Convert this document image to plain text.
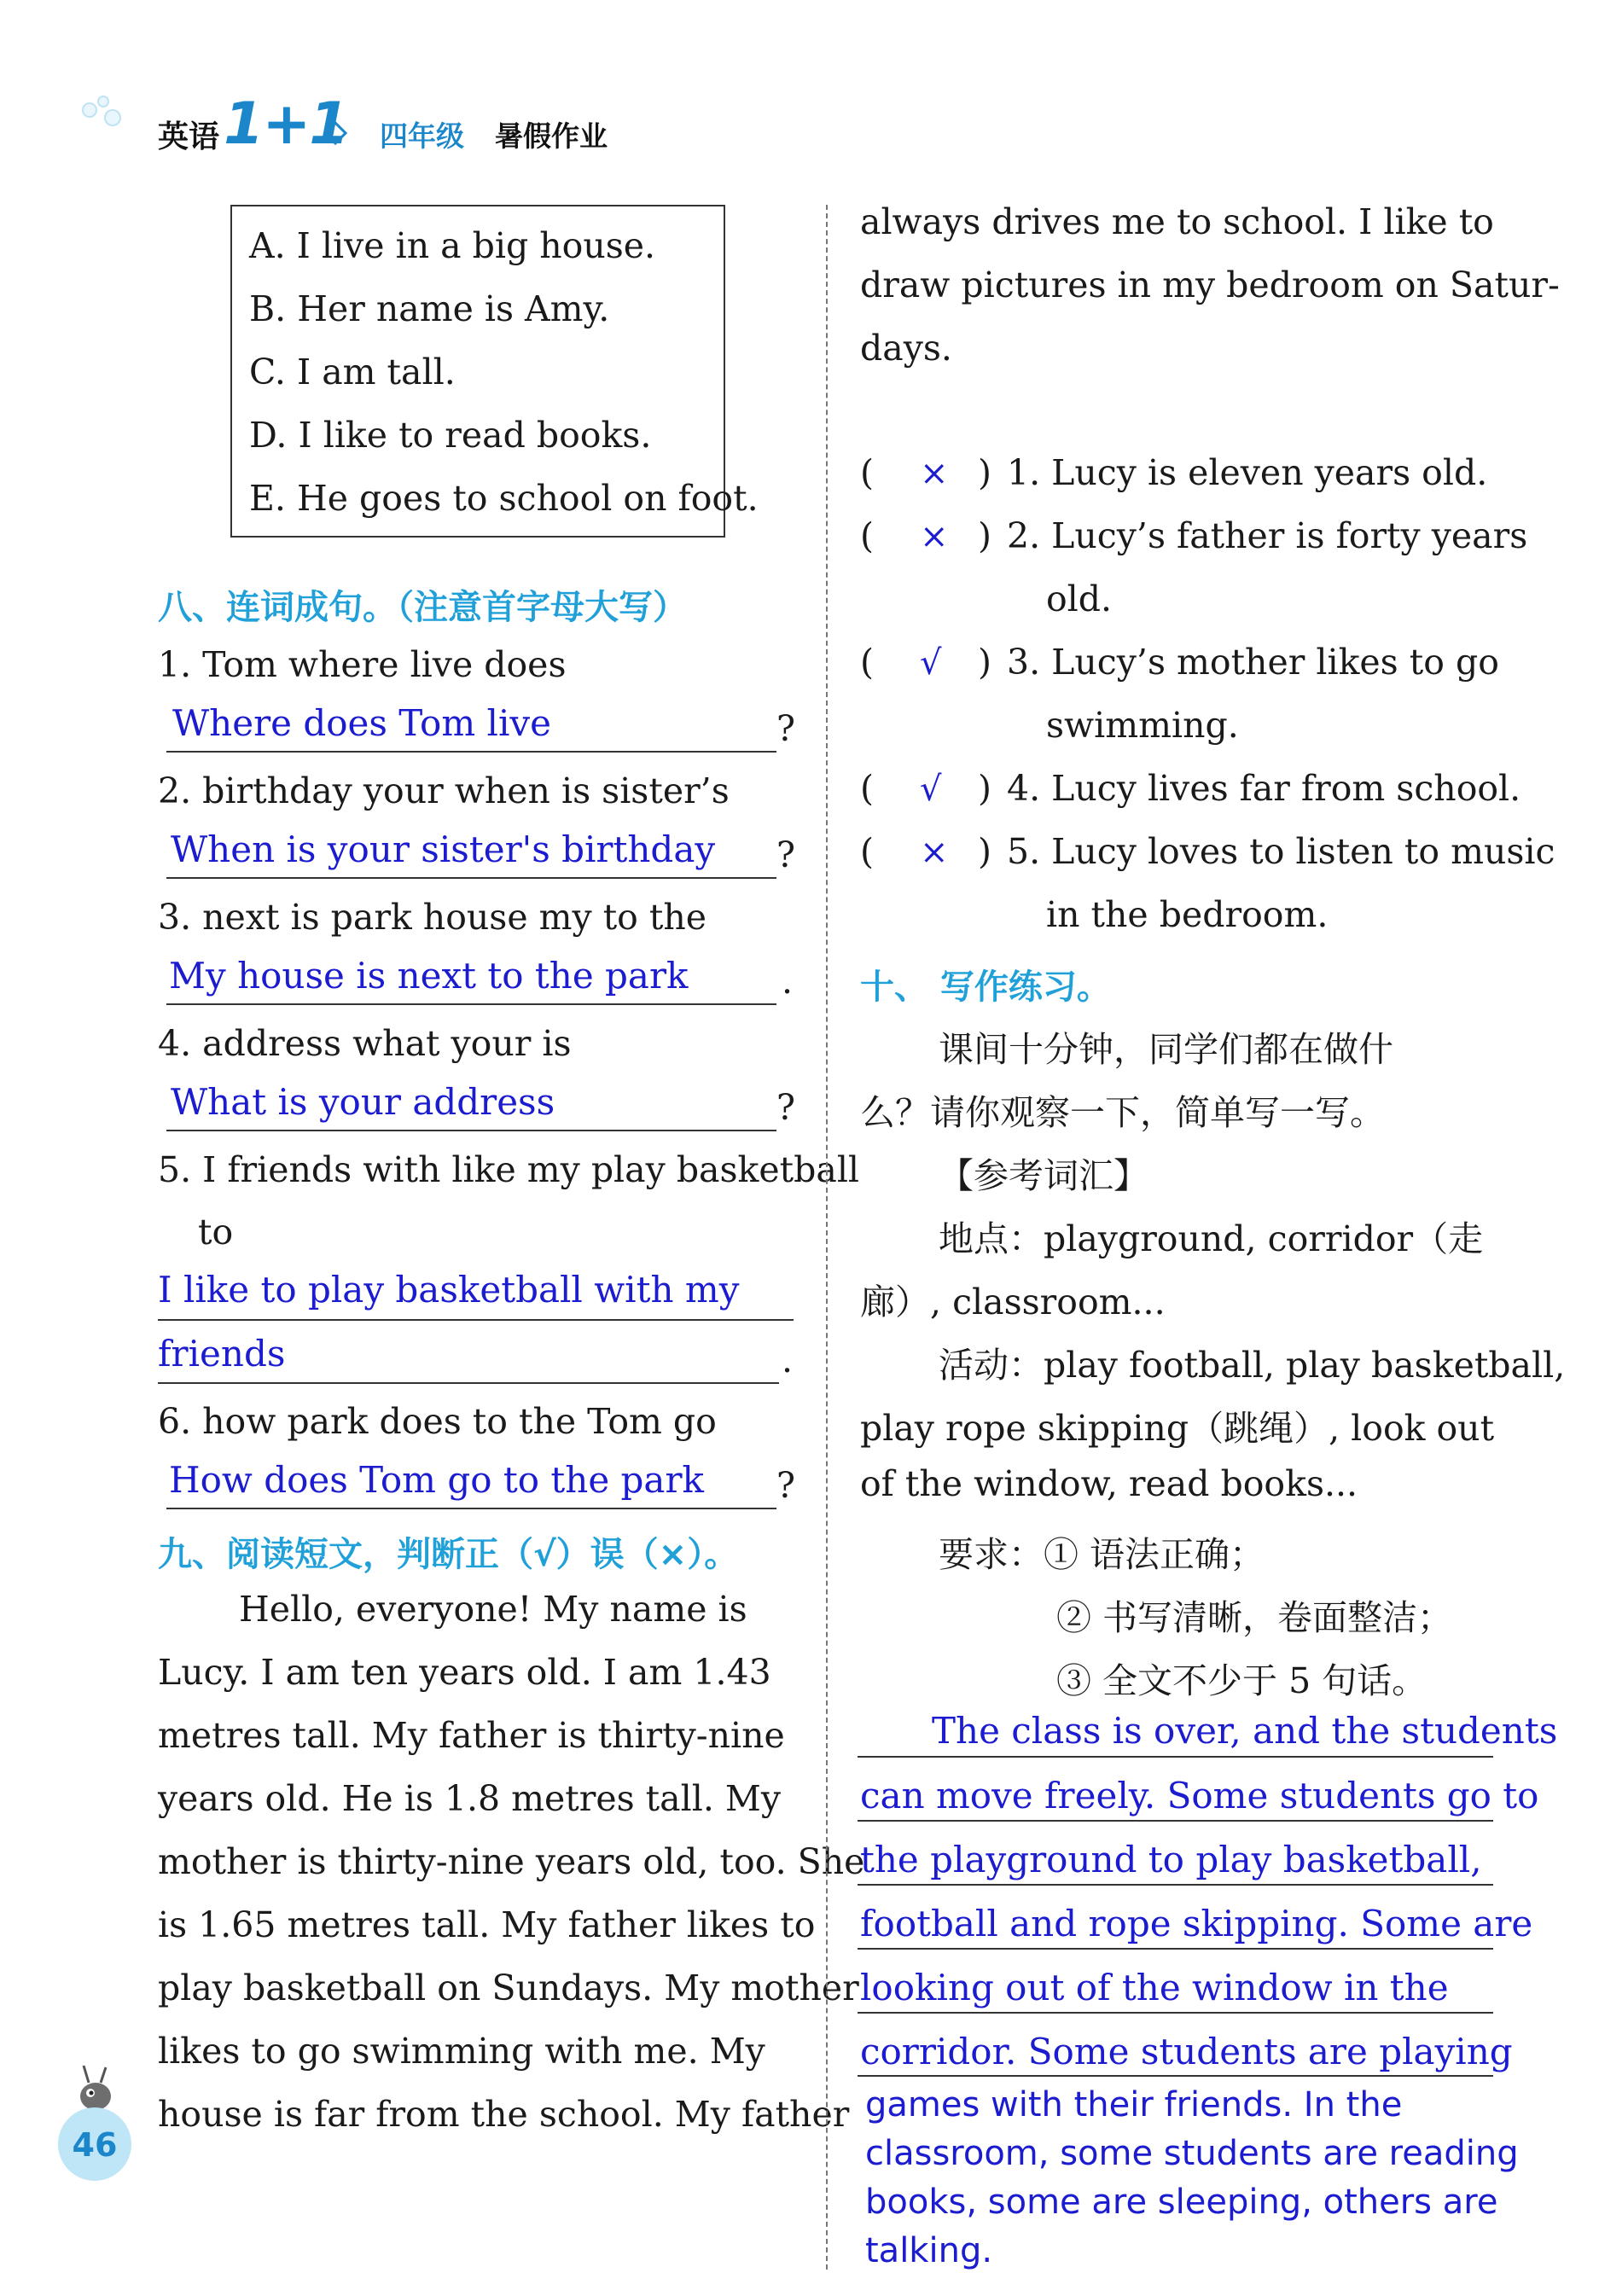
英语 1+1 四年级 暑假作业
A. I live in a big house.
B. Her name is Amy.
C. I am tall.
D. I like to read books.
E. He goes to school on foot.
八、连词成句。（注意首字母大写）
1. Tom where live does
Where does Tom live	?
2. birthday your when is sister’s
When is your sister's birthday ?
3. next is park house my to the
My house is next to the park	.
4. address what your is
What is your address	?
5. I friends with like my play basketball
to
I like to play basketball with my
friends	.
6. how park does to the Tom go
How does Tom go to the park ?
九、阅读短文，判断正（√）误（×）。
Hello, everyone! My name is
Lucy. I am ten years old. I am 1.43
metres tall. My father is thirty-nine
years old. He is 1.8 metres tall. My
mother is thirty-nine years old, too. She
is 1.65 metres tall. My father likes to
play basketball on Sundays. My mother
likes to go swimming with me. My
house is far from the school. My father
always drives me to school. I like to
draw pictures in my bedroom on Satur-
days.
( × ) 1. Lucy is eleven years old.
( × ) 2. Lucy’s father is forty years
old.
( √ ) 3. Lucy’s mother likes to go
swimming.
( √ ) 4. Lucy lives far from school.
( × ) 5. Lucy loves to listen to music
in the bedroom.
十、 写作练习。
课间十分钟，同学们都在做什
么？请你观察一下，简单写一写。
【参考词汇】
地点：playground, corridor（走
廊）, classroom...
活动：play football, play basketball,
play rope skipping（跳绳）, look out
of the window, read books...
要求：① 语法正确；
② 书写清晰，卷面整洁；
③ 全文不少于 5 句话。
The class is over, and the students
can move freely. Some students go to
the playground to play basketball,
football and rope skipping. Some are
looking out of the window in the
corridor. Some students are playing
games with their friends. In the
classroom, some students are reading
books, some are sleeping, others are
talking.
46
